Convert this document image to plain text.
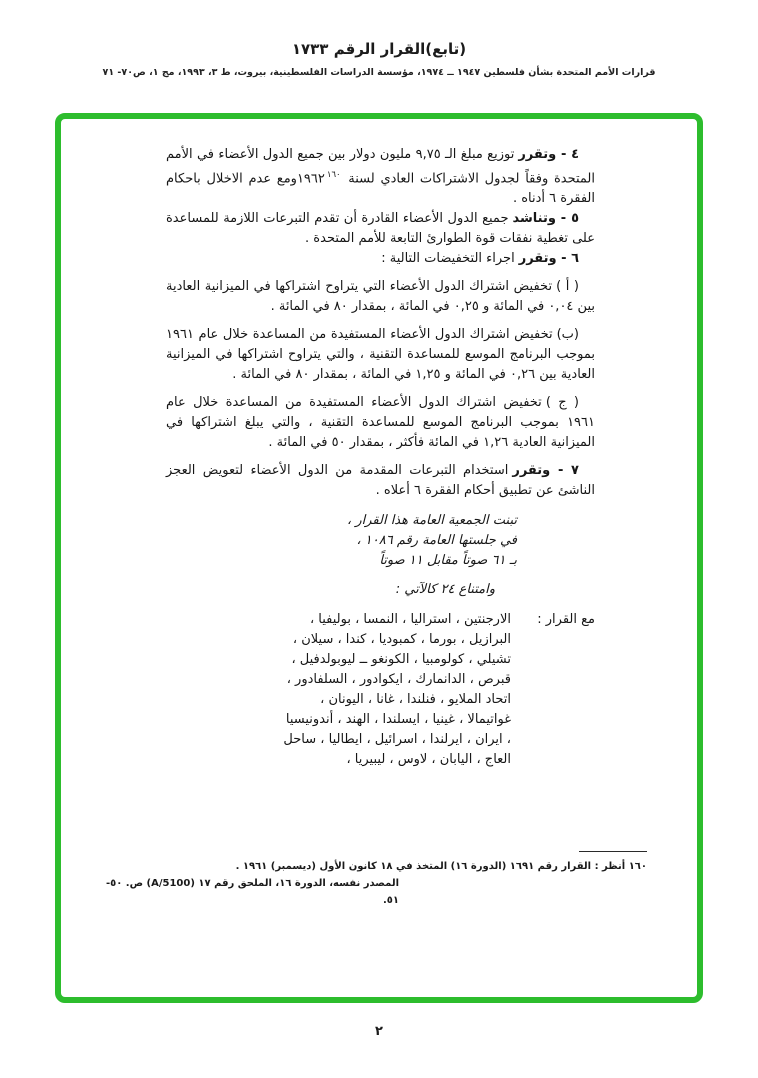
(تابع)القرار الرقم ١٧٣٣
قرارات الأمم المتحدة بشأن فلسطين ١٩٤٧ ــ ١٩٧٤، مؤسسة الدراسات الفلسطينية، بيروت، ط ٣، ١٩٩٣، مج ١، ص٧٠- ٧١

٤ - وتقررتوزيع مبلغ الـ ٩,٧٥ مليون دولار بين جميع الدول الأعضاء في الأمم المتحدة وفقاً لجدول الاشتراكات العادي لسنة ١٩٦٢$^{١٦٠}$ومع عدم الاخلال باحكام الفقرة ٦ أدناه .

٥ - وتناشدجميع الدول الأعضاء القادرة أن تقدم التبرعات اللازمة للمساعدة على تغطية نفقات قوة الطوارئ التابعة للأمم المتحدة .

٦ - وتقرراجراء التخفيضات التالية :

( أ )تخفيض اشتراك الدول الأعضاء التي يتراوح اشتراكها في الميزانية العادية بين ٠,٠٤ في المائة و ٠,٢٥ في المائة ، بمقدار ٨٠ في المائة .

(ب)تخفيض اشتراك الدول الأعضاء المستفيدة من المساعدة خلال عام ١٩٦١ بموجب البرنامج الموسع للمساعدة التقنية ، والتي يتراوح اشتراكها في الميزانية العادية بين ٠,٢٦ في المائة و ١,٢٥ في المائة ، بمقدار ٨٠ في المائة .

( ج )تخفيض اشتراك الدول الأعضاء المستفيدة من المساعدة خلال عام ١٩٦١ بموجب البرنامج الموسع للمساعدة التقنية ، والتي يبلغ اشتراكها في الميزانية العادية ١,٢٦ في المائة فأكثر ، بمقدار ٥٠ في المائة .

٧ - وتقرراستخدام التبرعات المقدمة من الدول الأعضاء لتعويض العجز الناشئ عن تطبيق أحكام الفقرة ٦ أعلاه .

تبنت الجمعية العامة هذا القرار ،
في جلستها العامة رقم ١٠٨٦ ،
بـ ٦١ صوتاً مقابل ١١ صوتاً
وامتناع ٢٤ كالآتي :
مع القرار :
الارجنتين ، استراليا ، النمسا ، بوليفيا ، البرازيل ، بورما ، كمبوديا ، كندا ، سيلان ، تشيلي ، كولومبيا ، الكونغو ــ ليوبولدفيل ، قبرص ، الدانمارك ، ايكوادور ، السلفادور ، اتحاد الملايو ، فنلندا ، غانا ، اليونان ، غواتيمالا ، غينيا ، ايسلندا ، الهند ، أندونيسيا ، ايران ، ايرلندا ، اسرائيل ، ايطاليا ، ساحل العاج ، اليابان ، لاوس ، ليبيريا ،
١٦٠ أنظر : القرار رقم ١٦٩١ (الدورة ١٦) المتخذ في ١٨ كانون الأول (ديسمبر) ١٩٦١ .
المصدر نفسه، الدورة ١٦، الملحق رقم ١٧ (A/5100) ص. ٥٠- ٥١.
٢
